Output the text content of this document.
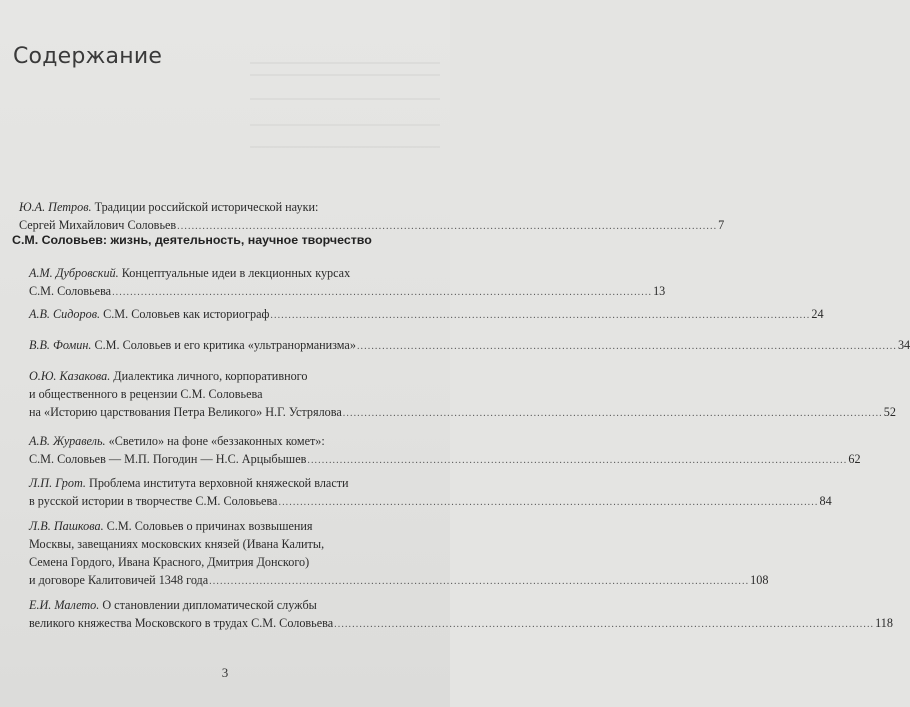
Содержание
Ю.А. Петров. Традиции российской исторической науки:
Сергей Михайлович Соловьев ...................................................................................................................................................... 7
С.М. Соловьев: жизнь, деятельность, научное творчество
А.М. Дубровский. Концептуальные идеи в лекционных курсах
С.М. Соловьева ...................................................................................................................................................... 13
А.В. Сидоров. С.М. Соловьев как историограф ...................................................................................................................................................... 24
В.В. Фомин. С.М. Соловьев и его критика «ультранорманизма» ...................................................................................................................................................... 34
О.Ю. Казакова. Диалектика личного, корпоративного
и общественного в рецензии С.М. Соловьева
на «Историю царствования Петра Великого» Н.Г. Устрялова ...................................................................................................................................................... 52
А.В. Журавель. «Светило» на фоне «беззаконных комет»:
С.М. Соловьев — М.П. Погодин — Н.С. Арцыбышев ...................................................................................................................................................... 62
Л.П. Грот. Проблема института верховной княжеской власти
в русской истории в творчестве С.М. Соловьева ...................................................................................................................................................... 84
Л.В. Пашкова. С.М. Соловьев о причинах возвышения
Москвы, завещаниях московских князей (Ивана Калиты,
Семена Гордого, Ивана Красного, Дмитрия Донского)
и договоре Калитовичей 1348 года ...................................................................................................................................................... 108
Е.И. Малето. О становлении дипломатической службы
великого княжества Московского в трудах С.М. Соловьева ...................................................................................................................................................... 118
3
